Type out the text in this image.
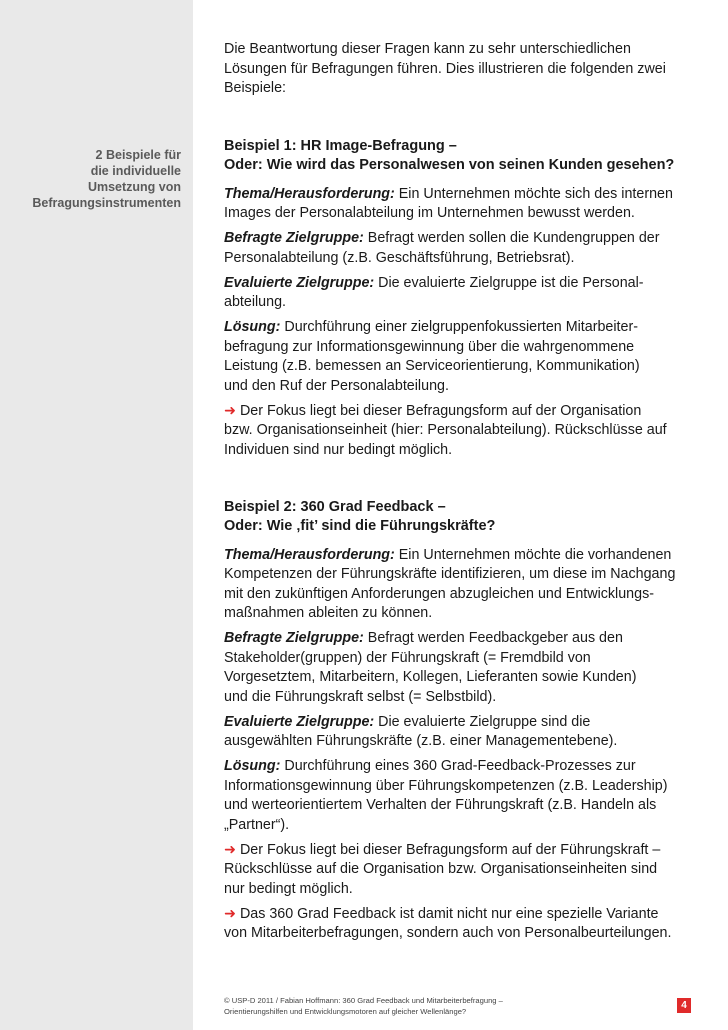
2 Beispiele für
die individuelle
Umsetzung von
Befragungsinstrumenten

Die Beantwortung dieser Fragen kann zu sehr unterschiedlichen
Lösungen für Befragungen führen. Dies illustrieren die folgenden zwei
Beispiele:

Beispiel 1: HR Image-Befragung –
Oder: Wie wird das Personalwesen von seinen Kunden gesehen?

Thema/Herausforderung: Ein Unternehmen möchte sich des internen
Images der Personalabteilung im Unternehmen bewusst werden.

Befragte Zielgruppe: Befragt werden sollen die Kundengruppen der
Personalabteilung (z.B. Geschäftsführung, Betriebsrat).

Evaluierte Zielgruppe: Die evaluierte Zielgruppe ist die Personal-
abteilung.

Lösung: Durchführung einer zielgruppenfokussierten Mitarbeiter-
befragung zur Informationsgewinnung über die wahrgenommene
Leistung (z.B. bemessen an Serviceorientierung, Kommunikation)
und den Ruf der Personalabteilung.

➜ Der Fokus liegt bei dieser Befragungsform auf der Organisation
bzw. Organisationseinheit (hier: Personalabteilung). Rückschlüsse auf
Individuen sind nur bedingt möglich.

Beispiel 2: 360 Grad Feedback –
Oder: Wie ‚fit’ sind die Führungskräfte?

Thema/Herausforderung: Ein Unternehmen möchte die vorhandenen
Kompetenzen der Führungskräfte identifizieren, um diese im Nachgang
mit den zukünftigen Anforderungen abzugleichen und Entwicklungs-
maßnahmen ableiten zu können.

Befragte Zielgruppe: Befragt werden Feedbackgeber aus den
Stakeholder(gruppen) der Führungskraft (= Fremdbild von
Vorgesetztem, Mitarbeitern, Kollegen, Lieferanten sowie Kunden)
und die Führungskraft selbst (= Selbstbild).

Evaluierte Zielgruppe: Die evaluierte Zielgruppe sind die
ausgewählten Führungskräfte (z.B. einer Managementebene).

Lösung: Durchführung eines 360 Grad-Feedback-Prozesses zur
Informationsgewinnung über Führungskompetenzen (z.B. Leadership)
und werteorientiertem Verhalten der Führungskraft (z.B. Handeln als
„Partner“).

➜ Der Fokus liegt bei dieser Befragungsform auf der Führungskraft –
Rückschlüsse auf die Organisation bzw. Organisationseinheiten sind
nur bedingt möglich.

➜ Das 360 Grad Feedback ist damit nicht nur eine spezielle Variante
von Mitarbeiterbefragungen, sondern auch von Personalbeurteilungen.

© USP-D 2011 / Fabian Hoffmann: 360 Grad Feedback und Mitarbeiterbefragung –
Orientierungshilfen und Entwicklungsmotoren auf gleicher Wellenlänge?
4
